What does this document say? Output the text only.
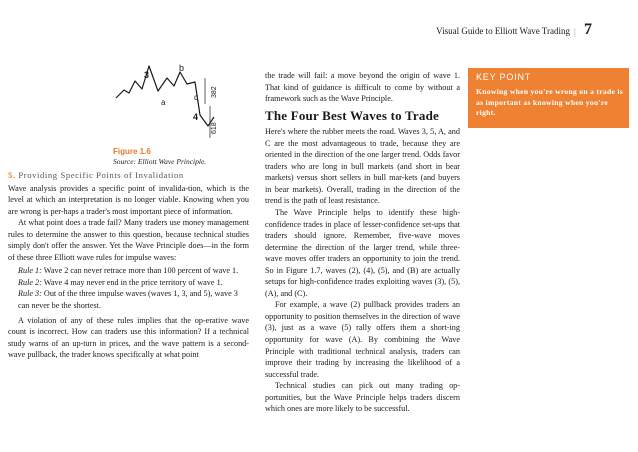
Visual Guide to Elliott Wave Trading | 7
3
b
a
c
4
382
618
Figure 1.6
Source: Elliott Wave Principle.
5. Providing Specific Points of Invalidation

Wave analysis provides a specific point of invalida-tion, which is the level at which an interpretation is no longer viable. Knowing when you are wrong is per-haps a trader's most important piece of information.

At what point does a trade fail? Many traders use money management rules to determine the answer to this question, because technical studies simply don't offer the answer. Yet the Wave Principle does—in the form of these three Elliott wave rules for impulse waves:

Rule 1: Wave 2 can never retrace more than 100 percent of wave 1.

Rule 2: Wave 4 may never end in the price territory of wave 1.

Rule 3: Out of the three impulse waves (waves 1, 3, and 5), wave 3 can never be the shortest.

A violation of any of these rules implies that the op-erative wave count is incorrect. How can traders use this information? If a technical study warns of an up-turn in prices, and the wave pattern is a second-wave pullback, the trader knows specifically at what point

the trade will fail: a move beyond the origin of wave 1. That kind of guidance is difficult to come by without a framework such as the Wave Principle.

The Four Best Waves to Trade

Here's where the rubber meets the road. Waves 3, 5, A, and C are the most advantageous to trade, because they are oriented in the direction of the one larger trend. Odds favor traders who are long in bull markets (and short in bear markets) versus short sellers in bull mar-kets (and buyers in bear markets). Overall, trading in the direction of the trend is the path of least resistance.

The Wave Principle helps to identify these high-confidence trades in place of lesser-confidence set-ups that traders should ignore. Remember, five-wave moves determine the direction of the larger trend, while three-wave moves offer traders an opportunity to join the trend. So in Figure 1.7, waves (2), (4), (5), and (B) are actually setups for high-confidence trades exploiting waves (3), (5), (A), and (C).

For example, a wave (2) pullback provides traders an opportunity to position themselves in the direction of wave (3), just as a wave (5) rally offers them a short-ing opportunity for wave (A). By combining the Wave Principle with traditional technical analysis, traders can improve their trading by increasing the likelihood of a successful trade.

Technical studies can pick out many trading op-portunities, but the Wave Principle helps traders discern which ones are more likely to be successful.

KEY POINT
Knowing when you're wrong on a trade is as important as knowing when you're right.
